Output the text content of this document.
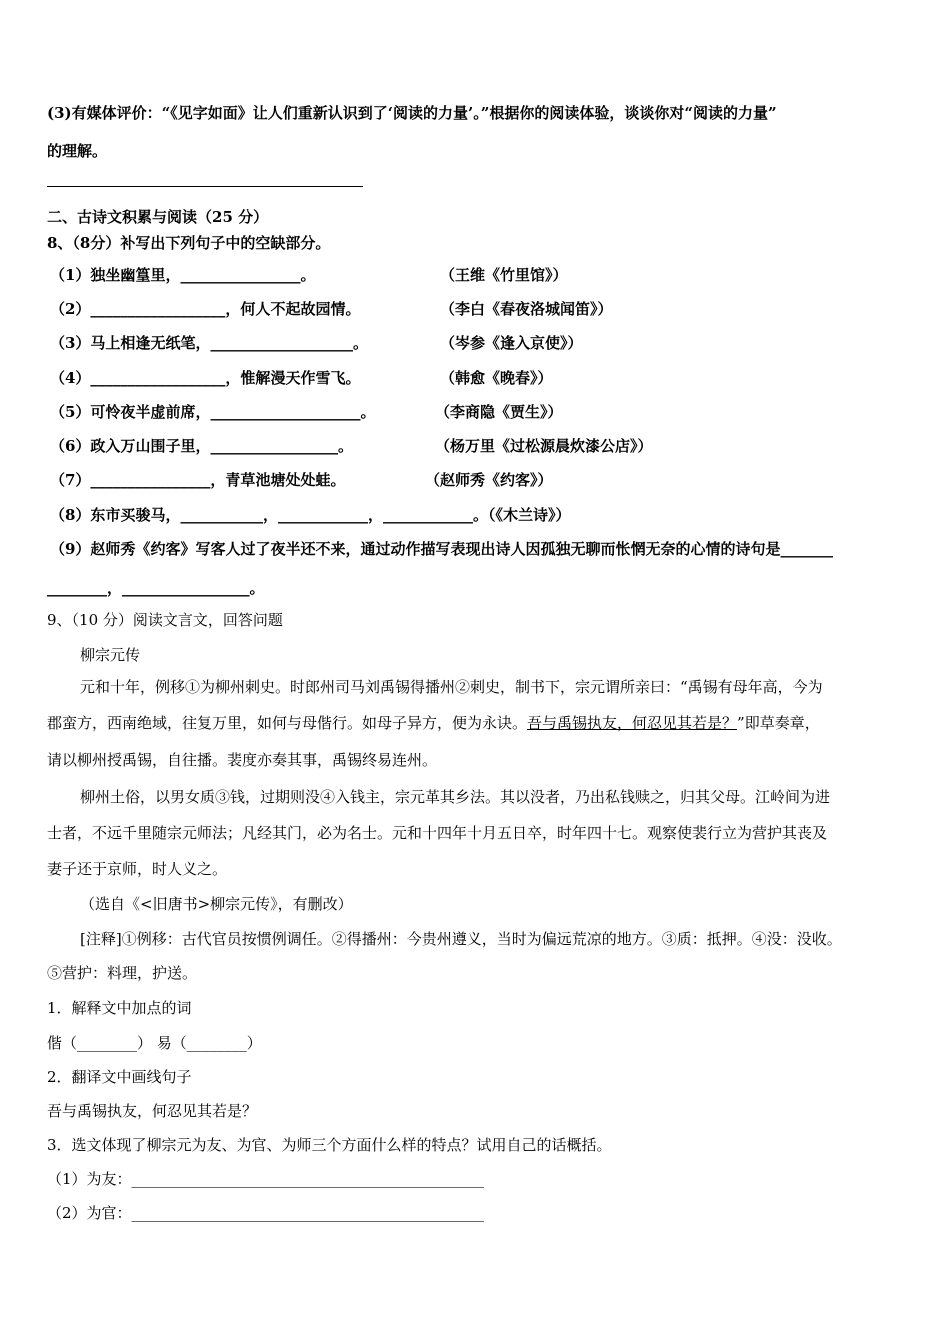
(3)有媒体评价：“《见字如面》让人们重新认识到了‘阅读的力量’。”根据你的阅读体验，谈谈你对“阅读的力量”
的理解。
二、古诗文积累与阅读（25 分）
8、（8分）补写出下列句子中的空缺部分。
（1）独坐幽篁里，________________。	（王维《竹里馆》）
（2）__________________，何人不起故园情。	（李白《春夜洛城闻笛》）
（3）马上相逢无纸笔，___________________。	（岑参《逢入京使》）
（4）__________________，惟解漫天作雪飞。	（韩愈《晚春》）
（5）可怜夜半虚前席，____________________。	（李商隐《贾生》）
（6）政入万山围子里，_________________。	（杨万里《过松源晨炊漆公店》）
（7）________________，青草池塘处处蛙。	（赵师秀《约客》）
（8）东市买骏马，___________，____________，____________。（《木兰诗》）
（9）赵师秀《约客》写客人过了夜半还不来，通过动作描写表现出诗人因孤独无聊而怅惘无奈的心情的诗句是_______
________，_________________。
9、（10 分）阅读文言文，回答问题
柳宗元传
元和十年，例移①为柳州刺史。时郎州司马刘禹锡得播州②刺史，制书下，宗元谓所亲曰：“禹锡有母年高，今为
郡蛮方，西南绝域，往复万里，如何与母偕行。如母子异方，便为永诀。吾与禹锡执友，何忍见其若是？”即草奏章，
请以柳州授禹锡，自往播。裴度亦奏其事，禹锡终易连州。
柳州土俗，以男女质③钱，过期则没④入钱主，宗元革其乡法。其以没者，乃出私钱赎之，归其父母。江岭间为进
士者，不远千里随宗元师法；凡经其门，必为名士。元和十四年十月五日卒，时年四十七。观察使裴行立为营护其丧及
妻子还于京师，时人义之。
（选自《<旧唐书>柳宗元传》，有删改）
[注释]①例移：古代官员按惯例调任。②得播州：今贵州遵义，当时为偏远荒凉的地方。③质：抵押。④没：没收。
⑤营护：料理，护送。
1．解释文中加点的词
偕（________） 易（________）
2．翻译文中画线句子
吾与禹锡执友，何忍见其若是？
3．选文体现了柳宗元为友、为官、为师三个方面什么样的特点？试用自己的话概括。
（1）为友：_______________________________________________
（2）为官：_______________________________________________
